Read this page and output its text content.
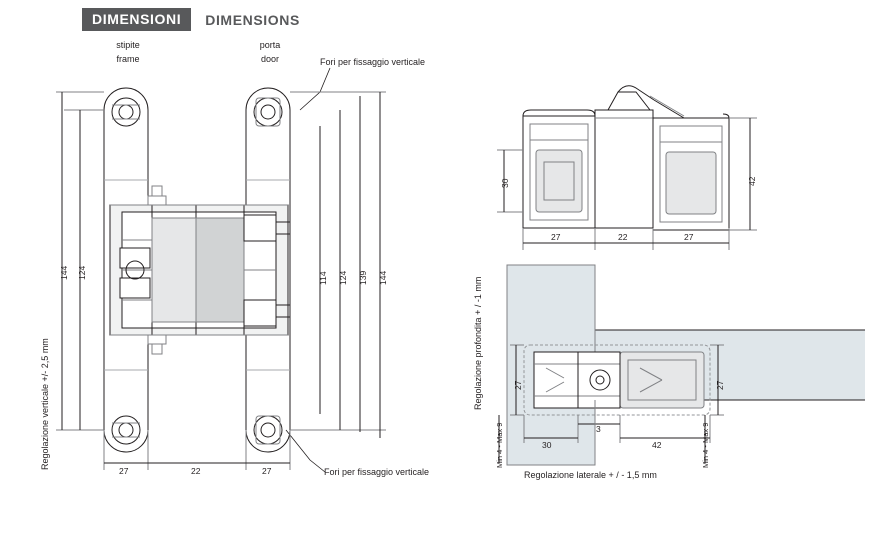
DIMENSIONI	DIMENSIONS
stipite
frame
porta
door	Fori per fissaggio verticale
Fori per fissaggio verticale
Regolazione verticale +/- 2,5 mm
144 124	114 124 139 144
27	22	27
30	42
27	22	27
Regolazione profondita + / -1 mm	27	27
30
3
42
Min 4 - Max 9	Min 4 - Max 9
Regolazione laterale + / - 1,5 mm
